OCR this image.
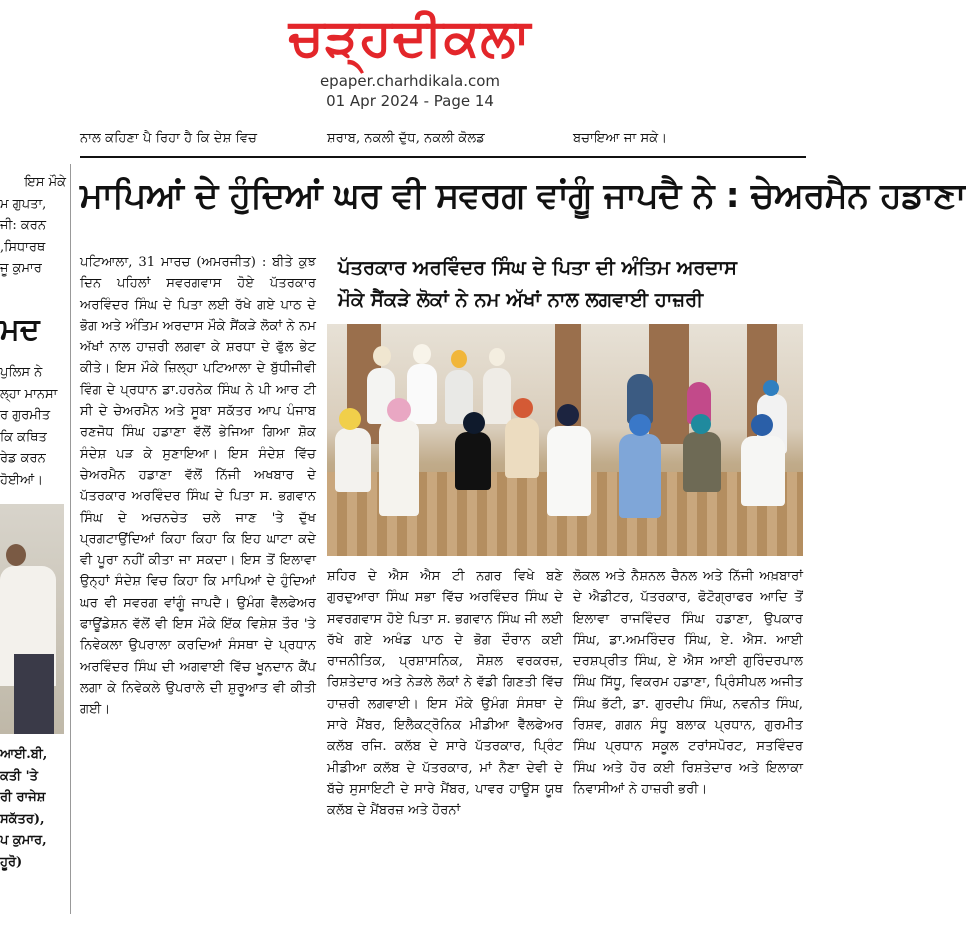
ਚੜ੍ਹਦੀਕਲਾ
epaper.charhdikala.com
01 Apr 2024 - Page 14

ਨਾਲ ਕਹਿਣਾ ਪੈ ਰਿਹਾ ਹੈ ਕਿ ਦੇਸ਼ ਵਿਚ	ਸ਼ਰਾਬ, ਨਕਲੀ ਦੁੱਧ, ਨਕਲੀ ਕੋਲਡ	ਬਚਾਇਆ ਜਾ ਸਕੇ।

ਇਸ ਮੌਕੇ
ਮ ਗੁਪਤਾ,
ਜੀ: ਕਰਨ
,ਸਿਧਾਰਥ
ਜੂ ਕੁਮਾਰ
ਮਦ
ਪੁਲਿਸ ਨੇ
ਲ੍ਹਾ ਮਾਨਸਾ
ਰ ਗੁਰਮੀਤ
ਕਿ ਕਥਿਤ
ਰੇਡ ਕਰਨ
ਹੋਈਆਂ।
ਆਈ.ਬੀ,
ਕਤੀ 'ਤੇ
ਰੀ ਰਾਜੇਸ਼
ਸਕੱਤਰ),
ਪ ਕੁਮਾਰ,
ਹੂਰੋ)
ਮਾਪਿਆਂ ਦੇ ਹੁੰਦਿਆਂ ਘਰ ਵੀ ਸਵਰਗ ਵਾਂਗੂੰ ਜਾਪਦੈ ਨੇ : ਚੇਅਰਮੈਨ ਹਡਾਣਾ

ਪਟਿਆਲਾ, 31 ਮਾਰਚ (ਅਮਰਜੀਤ) : ਬੀਤੇ ਕੁਝ ਦਿਨ ਪਹਿਲਾਂ ਸਵਰਗਵਾਸ ਹੋਏ ਪੱਤਰਕਾਰ ਅਰਵਿੰਦਰ ਸਿੰਘ ਦੇ ਪਿਤਾ ਲਈ ਰੱਖੇ ਗਏ ਪਾਠ ਦੇ ਭੋਗ ਅਤੇ ਅੰਤਿਮ ਅਰਦਾਸ ਮੌਕੇ ਸੈਂਕੜੇ ਲੋਕਾਂ ਨੇ ਨਮ ਅੱਖਾਂ ਨਾਲ ਹਾਜ਼ਰੀ ਲਗਵਾ ਕੇ ਸ਼ਰਧਾ ਦੇ ਫੁੱਲ ਭੇਟ ਕੀਤੇ। ਇਸ ਮੌਕੇ ਜ਼ਿਲ੍ਹਾ ਪਟਿਆਲਾ ਦੇ ਬੁੱਧੀਜੀਵੀ ਵਿੰਗ ਦੇ ਪ੍ਰਧਾਨ ਡਾ.ਹਰਨੇਕ ਸਿੰਘ ਨੇ ਪੀ ਆਰ ਟੀ ਸੀ ਦੇ ਚੇਅਰਮੈਨ ਅਤੇ ਸੂਬਾ ਸਕੱਤਰ ਆਪ ਪੰਜਾਬ ਰਣਜੋਧ ਸਿੰਘ ਹਡਾਣਾ ਵੱਲੋਂ ਭੇਜਿਆ ਗਿਆ ਸ਼ੋਕ ਸੰਦੇਸ਼ ਪੜ ਕੇ ਸੁਣਾਇਆ। ਇਸ ਸੰਦੇਸ਼ ਵਿੱਚ ਚੇਅਰਮੈਨ ਹਡਾਣਾ ਵੱਲੋਂ ਨਿੱਜੀ ਅਖਬਾਰ ਦੇ ਪੱਤਰਕਾਰ ਅਰਵਿੰਦਰ ਸਿੰਘ ਦੇ ਪਿਤਾ ਸ. ਭਗਵਾਨ ਸਿੰਘ ਦੇ ਅਚਨਚੇਤ ਚਲੇ ਜਾਣ 'ਤੇ ਦੁੱਖ ਪ੍ਰਗਟਾਉਂਦਿਆਂ ਕਿਹਾ ਕਿਹਾ ਕਿ ਇਹ ਘਾਟਾ ਕਦੇ ਵੀ ਪੂਰਾ ਨਹੀਂ ਕੀਤਾ ਜਾ ਸਕਦਾ। ਇਸ ਤੋਂ ਇਲਾਵਾ ਉਨ੍ਹਾਂ ਸੰਦੇਸ਼ ਵਿਚ ਕਿਹਾ ਕਿ ਮਾਪਿਆਂ ਦੇ ਹੁੰਦਿਆਂ ਘਰ ਵੀ ਸਵਰਗ ਵਾਂਗੂੰ ਜਾਪਦੈ। ਉਮੰਗ ਵੈੱਲਫੇਅਰ ਫਾਊਂਡੇਸ਼ਨ ਵੱਲੋਂ ਵੀ ਇਸ ਮੌਕੇ ਇੱਕ ਵਿਸ਼ੇਸ਼ ਤੌਰ 'ਤੇ ਨਿਵੇਕਲਾ ਉਪਰਾਲਾ ਕਰਦਿਆਂ ਸੰਸਥਾ ਦੇ ਪ੍ਰਧਾਨ ਅਰਵਿੰਦਰ ਸਿੰਘ ਦੀ ਅਗਵਾਈ ਵਿੱਚ ਖੂਨਦਾਨ ਕੈਂਪ ਲਗਾ ਕੇ ਨਿਵੇਕਲੇ ਉਪਰਾਲੇ ਦੀ ਸ਼ੁਰੂਆਤ ਵੀ ਕੀਤੀ ਗਈ।

ਪੱਤਰਕਾਰ ਅਰਵਿੰਦਰ ਸਿੰਘ ਦੇ ਪਿਤਾ ਦੀ ਅੰਤਿਮ ਅਰਦਾਸ
ਮੌਕੇ ਸੈਂਕੜੇ ਲੋਕਾਂ ਨੇ ਨਮ ਅੱਖਾਂ ਨਾਲ ਲਗਵਾਈ ਹਾਜ਼ਰੀ

ਸ਼ਹਿਰ ਦੇ ਐਸ ਐਸ ਟੀ ਨਗਰ ਵਿਖੇ ਬਣੇ ਗੁਰਦੁਆਰਾ ਸਿੰਘ ਸਭਾ ਵਿੱਚ ਅਰਵਿੰਦਰ ਸਿੰਘ ਦੇ ਸਵਰਗਵਾਸ ਹੋਏ ਪਿਤਾ ਸ. ਭਗਵਾਨ ਸਿੰਘ ਜੀ ਲਈ ਰੱਖੇ ਗਏ ਅਖੰਡ ਪਾਠ ਦੇ ਭੋਗ ਦੌਰਾਨ ਕਈ ਰਾਜਨੀਤਿਕ, ਪ੍ਰਸ਼ਾਸਨਿਕ, ਸੋਸ਼ਲ ਵਰਕਰਜ਼, ਰਿਸ਼ਤੇਦਾਰ ਅਤੇ ਨੇੜਲੇ ਲੋਕਾਂ ਨੇ ਵੱਡੀ ਗਿਣਤੀ ਵਿੱਚ ਹਾਜ਼ਰੀ ਲਗਵਾਈ। ਇਸ ਮੌਕੇ ਉਮੰਗ ਸੰਸਥਾ ਦੇ ਸਾਰੇ ਮੈਂਬਰ, ਇਲੈਕਟ੍ਰੋਨਿਕ ਮੀਡੀਆ ਵੈੱਲਫੇਅਰ ਕਲੱਬ ਰਜਿ. ਕਲੱਬ ਦੇ ਸਾਰੇ ਪੱਤਰਕਾਰ, ਪ੍ਰਿੰਟ ਮੀਡੀਆ ਕਲੱਬ ਦੇ ਪੱਤਰਕਾਰ, ਮਾਂ ਨੈਣਾ ਦੇਵੀ ਦੇ ਬੱਚੇ ਸੁਸਾਇਟੀ ਦੇ ਸਾਰੇ ਮੈਂਬਰ, ਪਾਵਰ ਹਾਊਸ ਯੂਥ ਕਲੱਬ ਦੇ ਮੈਂਬਰਜ਼ ਅਤੇ ਹੋਰਨਾਂ

ਲੋਕਲ ਅਤੇ ਨੈਸ਼ਨਲ ਚੈਨਲ ਅਤੇ ਨਿੱਜੀ ਅਖ਼ਬਾਰਾਂ ਦੇ ਐਡੀਟਰ, ਪੱਤਰਕਾਰ, ਫੋਟੋਗ੍ਰਾਫਰ ਆਦਿ ਤੋਂ ਇਲਾਵਾ ਰਾਜਵਿੰਦਰ ਸਿੰਘ ਹਡਾਣਾ, ਉਪਕਾਰ ਸਿੰਘ, ਡਾ.ਅਮਰਿੰਦਰ ਸਿੰਘ, ਏ. ਐਸ. ਆਈ ਦਰਸ਼ਪ੍ਰੀਤ ਸਿੰਘ, ਏ ਐਸ ਆਈ ਗੁਰਿੰਦਰਪਾਲ ਸਿੰਘ ਸਿੱਧੂ, ਵਿਕਰਮ ਹਡਾਣਾ, ਪ੍ਰਿੰਸੀਪਲ ਅਜੀਤ ਸਿੰਘ ਭੱਟੀ, ਡਾ. ਗੁਰਦੀਪ ਸਿੰਘ, ਨਵਨੀਤ ਸਿੰਘ, ਰਿਸ਼ਵ, ਗਗਨ ਸੰਧੂ ਬਲਾਕ ਪ੍ਰਧਾਨ, ਗੁਰਮੀਤ ਸਿੰਘ ਪ੍ਰਧਾਨ ਸਕੂਲ ਟਰਾਂਸਪੋਰਟ, ਸਤਵਿੰਦਰ ਸਿੰਘ ਅਤੇ ਹੋਰ ਕਈ ਰਿਸ਼ਤੇਦਾਰ ਅਤੇ ਇਲਾਕਾ ਨਿਵਾਸੀਆਂ ਨੇ ਹਾਜ਼ਰੀ ਭਰੀ।
